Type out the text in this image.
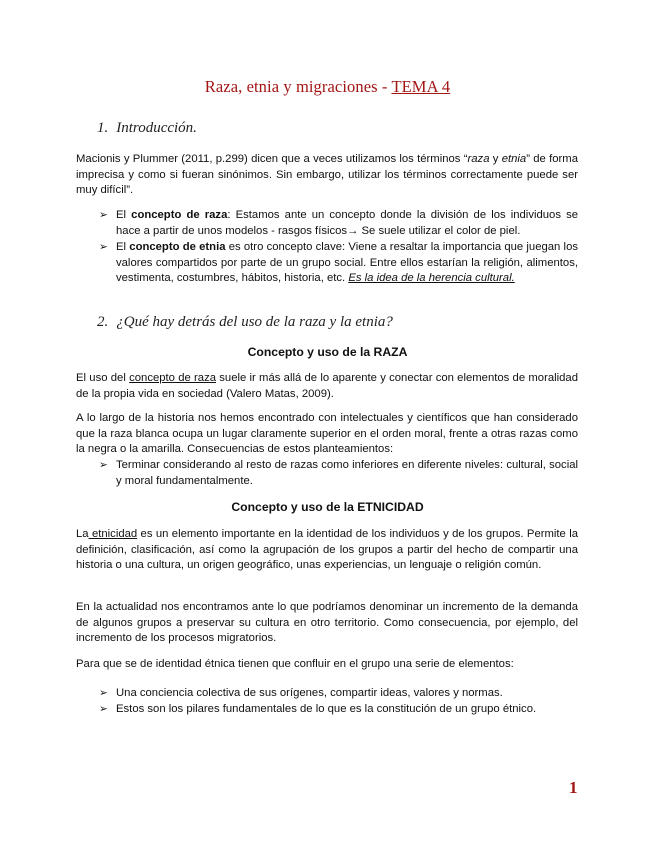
Raza, etnia y migraciones - TEMA 4
1. Introducción.
Macionis y Plummer (2011, p.299) dicen que a veces utilizamos los términos “raza y etnia” de forma imprecisa y como si fueran sinónimos. Sin embargo, utilizar los términos correctamente puede ser muy difícil”.
➢ El concepto de raza: Estamos ante un concepto donde la división de los individuos se hace a partir de unos modelos - rasgos físicos→ Se suele utilizar el color de piel.
➢ El concepto de etnia es otro concepto clave: Viene a resaltar la importancia que juegan los valores compartidos por parte de un grupo social. Entre ellos estarían la religión, alimentos, vestimenta, costumbres, hábitos, historia, etc. Es la idea de la herencia cultural.
2. ¿Qué hay detrás del uso de la raza y la etnia?
Concepto y uso de la RAZA
El uso del concepto de raza suele ir más allá de lo aparente y conectar con elementos de moralidad de la propia vida en sociedad (Valero Matas, 2009).
A lo largo de la historia nos hemos encontrado con intelectuales y científicos que han considerado que la raza blanca ocupa un lugar claramente superior en el orden moral, frente a otras razas como la negra o la amarilla. Consecuencias de estos planteamientos:
➢ Terminar considerando al resto de razas como inferiores en diferente niveles: cultural, social y moral fundamentalmente.
Concepto y uso de la ETNICIDAD
La etnicidad es un elemento importante en la identidad de los individuos y de los grupos. Permite la definición, clasificación, así como la agrupación de los grupos a partir del hecho de compartir una historia o una cultura, un origen geográfico, unas experiencias, un lenguaje o religión común.
En la actualidad nos encontramos ante lo que podríamos denominar un incremento de la demanda de algunos grupos a preservar su cultura en otro territorio. Como consecuencia, por ejemplo, del incremento de los procesos migratorios.
Para que se de identidad étnica tienen que confluir en el grupo una serie de elementos:
➢ Una conciencia colectiva de sus orígenes, compartir ideas, valores y normas.
➢ Estos son los pilares fundamentales de lo que es la constitución de un grupo étnico.
1
